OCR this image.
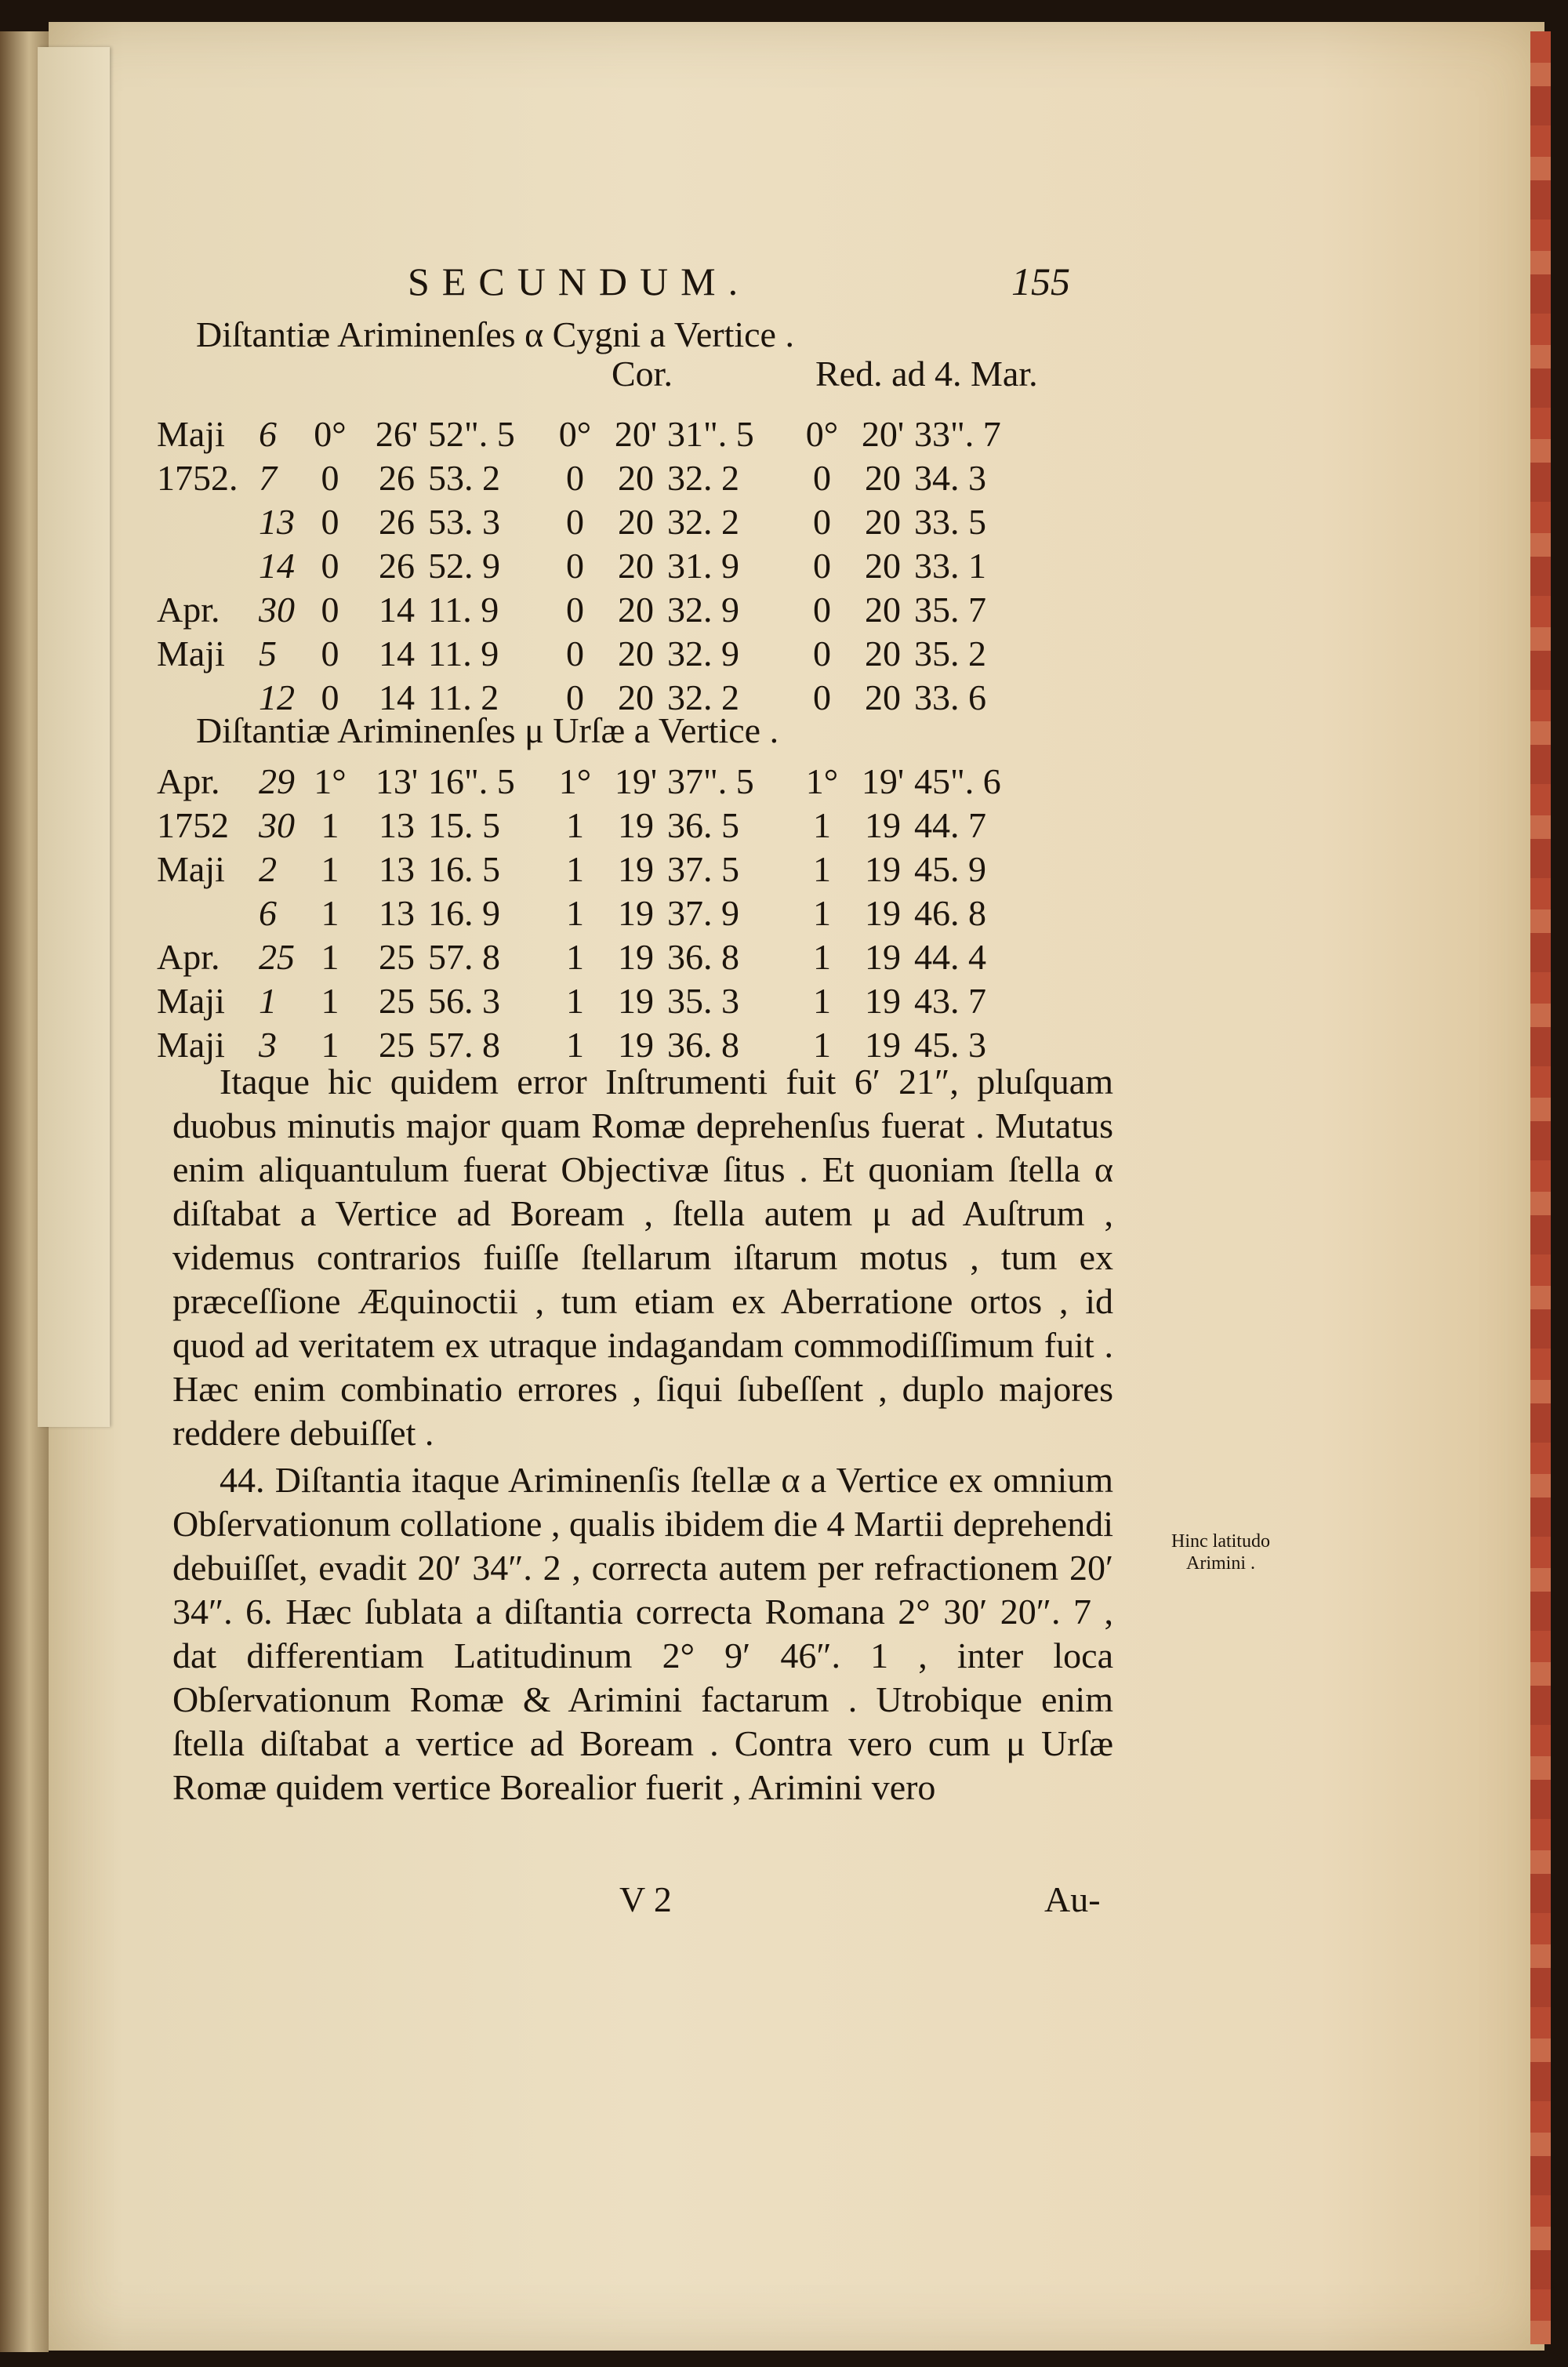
SECUNDUM.	155
Diſtantiæ Ariminenſes α Cygni a Vertice .
Cor.	Red. ad 4. Mar.
Maji	6	0°	26'	52". 5	0°	20'	31". 5	0°	20'	33". 7
1752.	7	0	26	53. 2	0	20	32. 2	0	20	34. 3
	13	0	26	53. 3	0	20	32. 2	0	20	33. 5
	14	0	26	52. 9	0	20	31. 9	0	20	33. 1
Apr.	30	0	14	11. 9	0	20	32. 9	0	20	35. 7
Maji	5	0	14	11. 9	0	20	32. 9	0	20	35. 2
	12	0	14	11. 2	0	20	32. 2	0	20	33. 6
Diſtantiæ Ariminenſes μ Urſæ a Vertice .
Apr.	29	1°	13'	16". 5	1°	19'	37". 5	1°	19'	45". 6
1752	30	1	13	15. 5	1	19	36. 5	1	19	44. 7
Maji	2	1	13	16. 5	1	19	37. 5	1	19	45. 9
	6	1	13	16. 9	1	19	37. 9	1	19	46. 8
Apr.	25	1	25	57. 8	1	19	36. 8	1	19	44. 4
Maji	1	1	25	56. 3	1	19	35. 3	1	19	43. 7
Maji	3	1	25	57. 8	1	19	36. 8	1	19	45. 3

Itaque hic quidem error Inſtrumenti fuit 6′ 21″, pluſquam duobus minutis major quam Romæ deprehenſus fuerat . Mutatus enim aliquantulum fuerat Objectivæ ſitus . Et quoniam ſtella α diſtabat a Vertice ad Boream , ſtella autem μ ad Auſtrum , videmus contrarios fuiſſe ſtellarum iſtarum motus , tum ex præceſſione Æquinoctii , tum etiam ex Aberratione ortos , id quod ad veritatem ex utraque indagandam commodiſſimum fuit . Hæc enim combinatio errores , ſiqui ſubeſſent , duplo majores reddere debuiſſet .

44. Diſtantia itaque Ariminenſis ſtellæ α a Vertice ex omnium Obſervationum collatione , qualis ibidem die 4 Martii deprehendi debuiſſet, evadit 20′ 34″. 2 , correcta autem per refractionem 20′ 34″. 6. Hæc ſublata a diſtantia correcta Romana 2° 30′ 20″. 7 , dat differentiam Latitudinum 2° 9′ 46″. 1 , inter loca Obſervationum Romæ & Arimini factarum . Utrobique enim ſtella diſtabat a vertice ad Boream . Contra vero cum μ Urſæ Romæ quidem vertice Borealior fuerit , Arimini vero

Hinc latitudo
Arimini .
V 2	Au-
